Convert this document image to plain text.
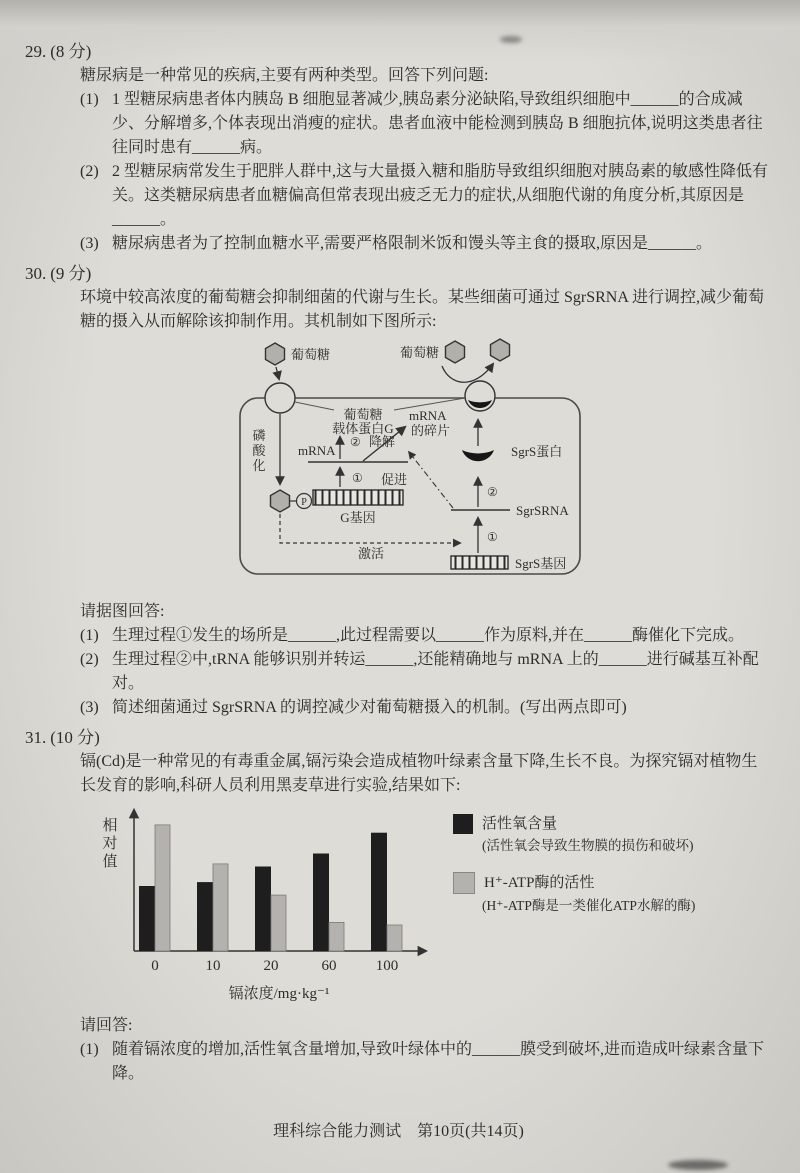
29. (8 分)

糖尿病是一种常见的疾病,主要有两种类型。回答下列问题:

(1) 1 型糖尿病患者体内胰岛 B 细胞显著减少,胰岛素分泌缺陷,导致组织细胞中______的合成减少、分解增多,个体表现出消瘦的症状。患者血液中能检测到胰岛 B 细胞抗体,说明这类患者往往同时患有______病。

(2) 2 型糖尿病常发生于肥胖人群中,这与大量摄入糖和脂肪导致组织细胞对胰岛素的敏感性降低有关。这类糖尿病患者血糖偏高但常表现出疲乏无力的症状,从细胞代谢的角度分析,其原因是______。

(3) 糖尿病患者为了控制血糖水平,需要严格限制米饭和馒头等主食的摄取,原因是______。

30. (9 分)

环境中较高浓度的葡萄糖会抑制细菌的代谢与生长。某些细菌可通过 SgrSRNA 进行调控,减少葡萄糖的摄入从而解除该抑制作用。其机制如下图所示:

葡萄糖	葡萄糖
葡萄糖
载体蛋白G
磷
酸
化
P
激活
G基因
①
mRNA
② 降解
mRNA
的碎片
促进
SgrS蛋白
②
SgrSRNA
①
SgrS基因

请据图回答:

(1) 生理过程①发生的场所是______,此过程需要以______作为原料,并在______酶催化下完成。

(2) 生理过程②中,tRNA 能够识别并转运______,还能精确地与 mRNA 上的______进行碱基互补配对。

(3) 简述细菌通过 SgrSRNA 的调控减少对葡萄糖摄入的机制。(写出两点即可)

31. (10 分)

镉(Cd)是一种常见的有毒重金属,镉污染会造成植物叶绿素含量下降,生长不良。为探究镉对植物生长发育的影响,科研人员利用黑麦草进行实验,结果如下:

相
对
值
0	10	20	60	100
镉浓度/mg·kg⁻¹
活性氧含量
(活性氧会导致生物膜的损伤和破坏)
H⁺-ATP酶的活性
(H⁺-ATP酶是一类催化ATP水解的酶)

请回答:

(1) 随着镉浓度的增加,活性氧含量增加,导致叶绿体中的______膜受到破坏,进而造成叶绿素含量下降。

理科综合能力测试　第10页(共14页)
